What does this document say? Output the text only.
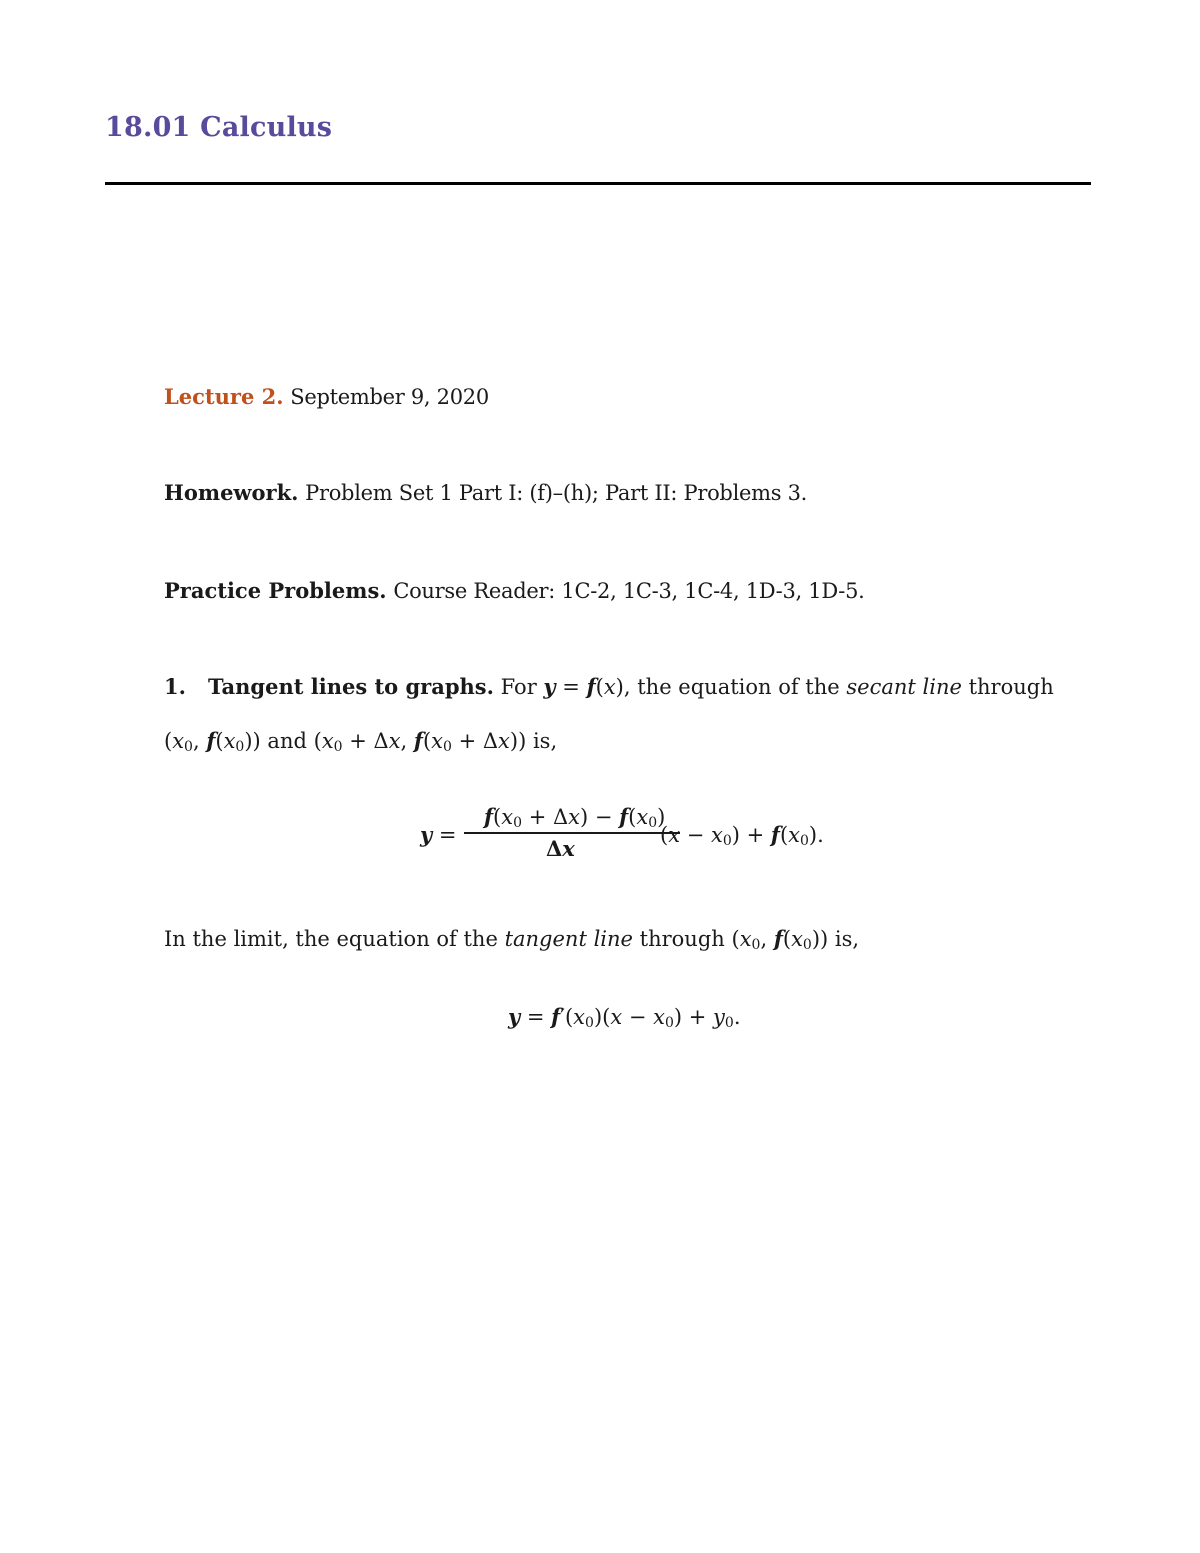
18.01 Calculus
Lecture 2. September 9, 2020
Homework. Problem Set 1 Part I: (f)–(h); Part II: Problems 3.
Practice Problems. Course Reader: 1C-2, 1C-3, 1C-4, 1D-3, 1D-5.
1. Tangent lines to graphs. For y = f(x), the equation of the secant line through
($x_0$, $f(x_0)$) and ($x_0 + \Delta x$, $f(x_0 + \Delta x)$) is,
y =
$f(x_0 + \Delta x) - f(x_0)$
Δx
$(x - x_0) + f(x_0)$.
In the limit, the equation of the tangent line through ($x_0$, $f(x_0)$) is,
$y = f'(x_0)(x - x_0) + y_0$.
